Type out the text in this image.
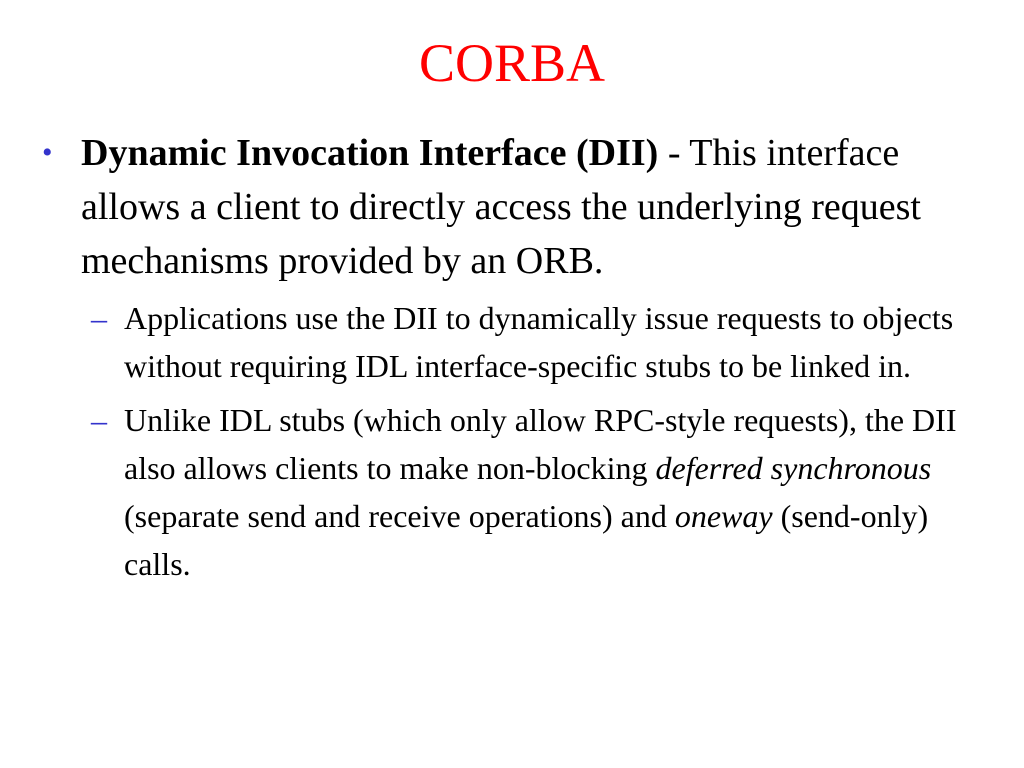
CORBA
• Dynamic Invocation Interface (DII) - This interface allows a client to directly access the underlying request mechanisms provided by an ORB.
– Applications use the DII to dynamically issue requests to objects without requiring IDL interface-specific stubs to be linked in.
– Unlike IDL stubs (which only allow RPC-style requests), the DII also allows clients to make non-blocking deferred synchronous (separate send and receive operations) and oneway (send-only) calls.
